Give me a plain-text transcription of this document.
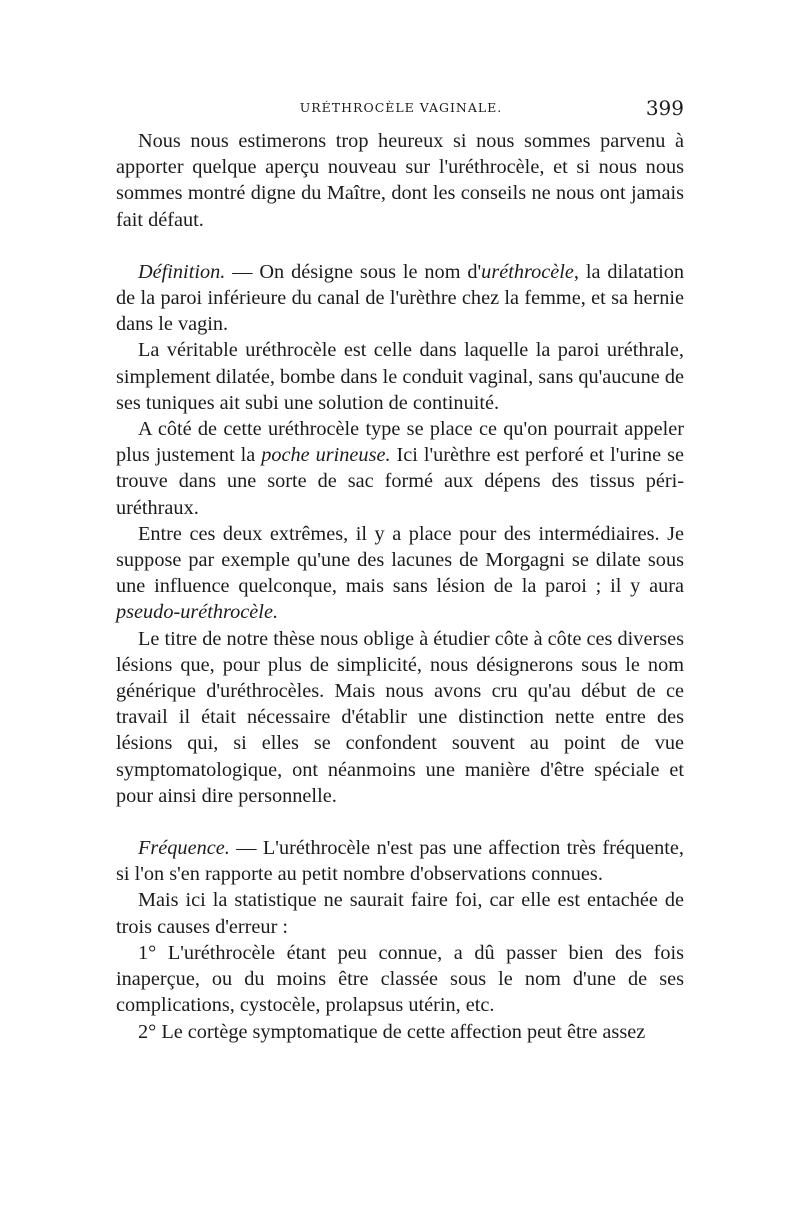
URÉTHROCÈLE VAGINALE.	399

Nous nous estimerons trop heureux si nous sommes parvenu à apporter quelque aperçu nouveau sur l'uréthrocèle, et si nous nous sommes montré digne du Maître, dont les conseils ne nous ont jamais fait défaut.

Définition. — On désigne sous le nom d'uréthrocèle, la dilatation de la paroi inférieure du canal de l'urèthre chez la femme, et sa hernie dans le vagin.

La véritable uréthrocèle est celle dans laquelle la paroi uréthrale, simplement dilatée, bombe dans le conduit vaginal, sans qu'aucune de ses tuniques ait subi une solution de continuité.

A côté de cette uréthrocèle type se place ce qu'on pourrait appeler plus justement la poche urineuse. Ici l'urèthre est perforé et l'urine se trouve dans une sorte de sac formé aux dépens des tissus péri-uréthraux.

Entre ces deux extrêmes, il y a place pour des intermédiaires. Je suppose par exemple qu'une des lacunes de Morgagni se dilate sous une influence quelconque, mais sans lésion de la paroi ; il y aura pseudo-uréthrocèle.

Le titre de notre thèse nous oblige à étudier côte à côte ces diverses lésions que, pour plus de simplicité, nous désignerons sous le nom générique d'uréthrocèles. Mais nous avons cru qu'au début de ce travail il était nécessaire d'établir une distinction nette entre des lésions qui, si elles se confondent souvent au point de vue symptomatologique, ont néanmoins une manière d'être spéciale et pour ainsi dire personnelle.

Fréquence. — L'uréthrocèle n'est pas une affection très fréquente, si l'on s'en rapporte au petit nombre d'observations connues.

Mais ici la statistique ne saurait faire foi, car elle est entachée de trois causes d'erreur :

1° L'uréthrocèle étant peu connue, a dû passer bien des fois inaperçue, ou du moins être classée sous le nom d'une de ses complications, cystocèle, prolapsus utérin, etc.

2° Le cortège symptomatique de cette affection peut être assez
